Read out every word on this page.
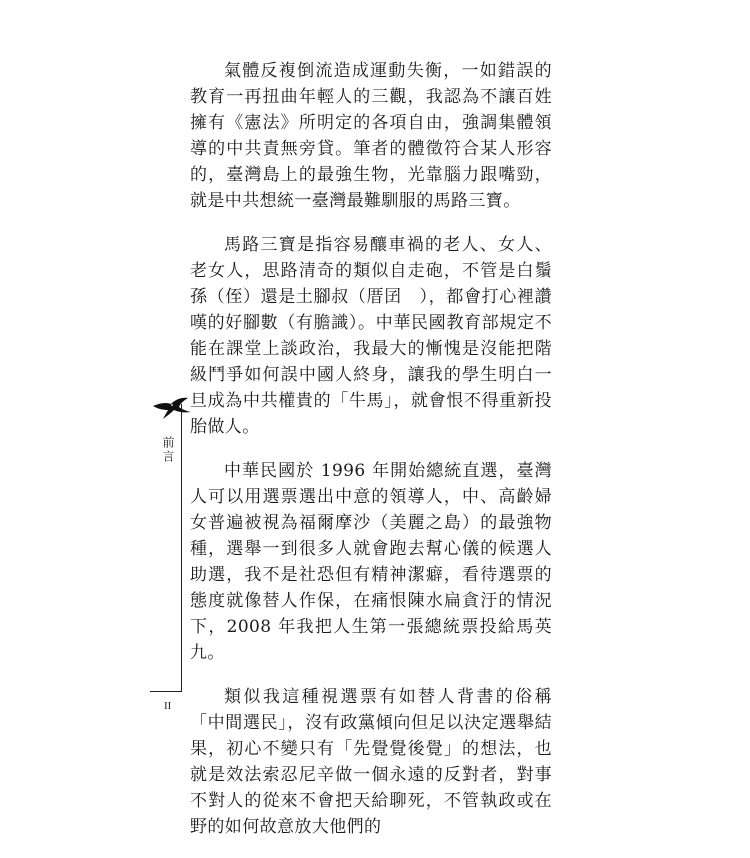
氣體反複倒流造成運動失衡，一如錯誤的教育一再扭曲年輕人的三觀，我認為不讓百姓擁有《憲法》所明定的各項自由，強調集體領導的中共責無旁貸。筆者的體徵符合某人形容的，臺灣島上的最強生物，光靠腦力跟嘴勁，就是中共想統一臺灣最難馴服的馬路三寶。

馬路三寶是指容易釀車禍的老人、女人、老女人，思路清奇的類似自走砲，不管是白鬚孫（侄）還是土腳叔（厝囝　），都會打心裡讚嘆的好腳數（有膽識）。中華民國教育部規定不能在課堂上談政治，我最大的慚愧是沒能把階級鬥爭如何誤中國人終身，讓我的學生明白一旦成為中共權貴的「牛馬」，就會恨不得重新投胎做人。

中華民國於 1996 年開始總統直選，臺灣人可以用選票選出中意的領導人，中、高齡婦女普遍被視為福爾摩沙（美麗之島）的最強物種，選舉一到很多人就會跑去幫心儀的候選人助選，我不是社恐但有精神潔癖，看待選票的態度就像替人作保，在痛恨陳水扁貪汙的情況下，2008 年我把人生第一張總統票投給馬英九。

類似我這種視選票有如替人背書的俗稱「中間選民」，沒有政黨傾向但足以決定選舉結果，初心不變只有「先覺覺後覺」的想法，也就是效法索忍尼辛做一個永遠的反對者，對事不對人的從來不會把天給聊死，不管執政或在野的如何故意放大他們的

前言
II
